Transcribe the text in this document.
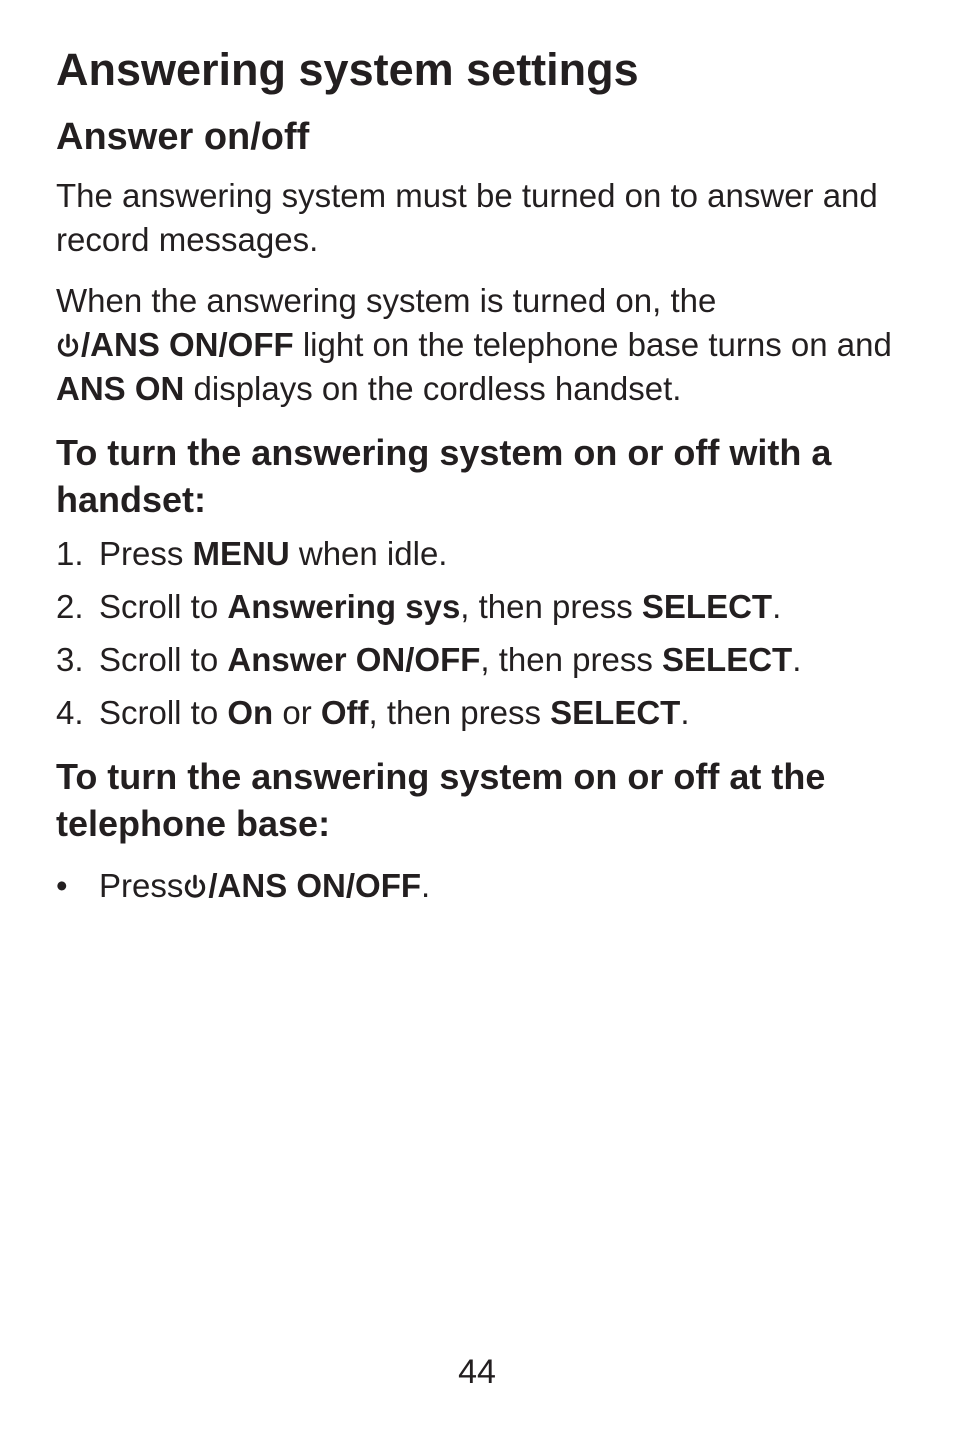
Answering system settings
Answer on/off

The answering system must be turned on to answer and record messages.

When the answering system is turned on, the

/ANS ON/OFF light on the telephone base turns on and ANS ON displays on the cordless handset.

To turn the answering system on or off with a handset:

1. Press MENU when idle.
2. Scroll to Answering sys, then press SELECT.
3. Scroll to Answer ON/OFF, then press SELECT.
4. Scroll to On or Off, then press SELECT.

To turn the answering system on or off at the telephone base:

• Press /ANS ON/OFF.
44
